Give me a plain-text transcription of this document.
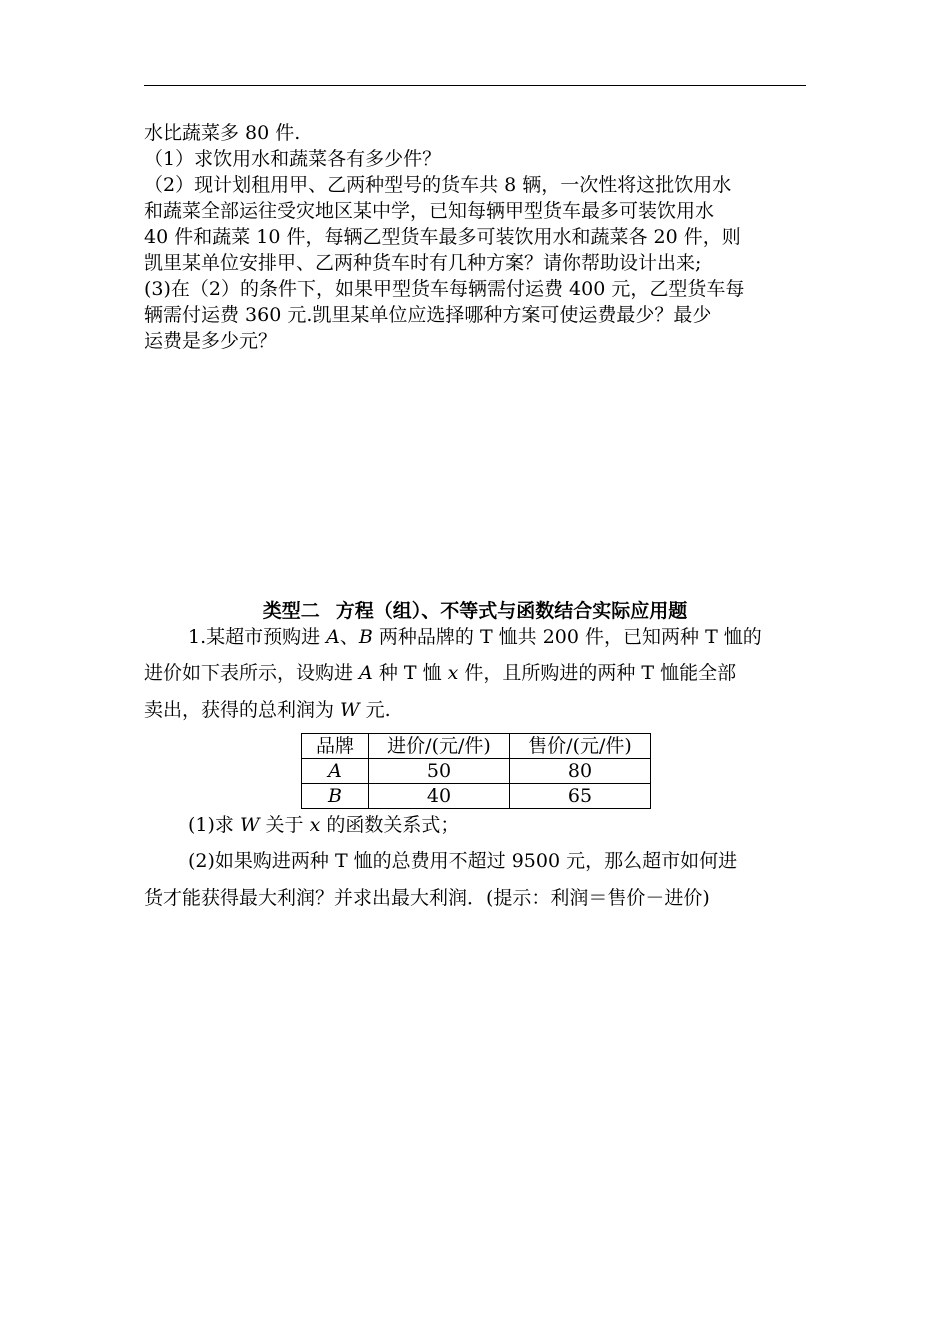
水比蔬菜多 80 件.
（1）求饮用水和蔬菜各有多少件？
（2）现计划租用甲、乙两种型号的货车共 8 辆，一次性将这批饮用水
和蔬菜全部运往受灾地区某中学，已知每辆甲型货车最多可装饮用水
40 件和蔬菜 10 件，每辆乙型货车最多可装饮用水和蔬菜各 20 件，则
凯里某单位安排甲、乙两种货车时有几种方案？请你帮助设计出来;
(3)在（2）的条件下，如果甲型货车每辆需付运费 400 元，乙型货车每
辆需付运费 360 元.凯里某单位应选择哪种方案可使运费最少？最少
运费是多少元？
类型二 方程（组）、不等式与函数结合实际应用题
1.某超市预购进 A、B 两种品牌的 T 恤共 200 件，已知两种 T 恤的
进价如下表所示，设购进 A 种 T 恤 x 件，且所购进的两种 T 恤能全部
卖出，获得的总利润为 W 元.
品牌	进价/(元/件)	售价/(元/件)
A	50	80
B	40	65
(1)求 W 关于 x 的函数关系式；
(2)如果购进两种 T 恤的总费用不超过 9500 元，那么超市如何进
货才能获得最大利润？并求出最大利润．(提示：利润＝售价－进价)
